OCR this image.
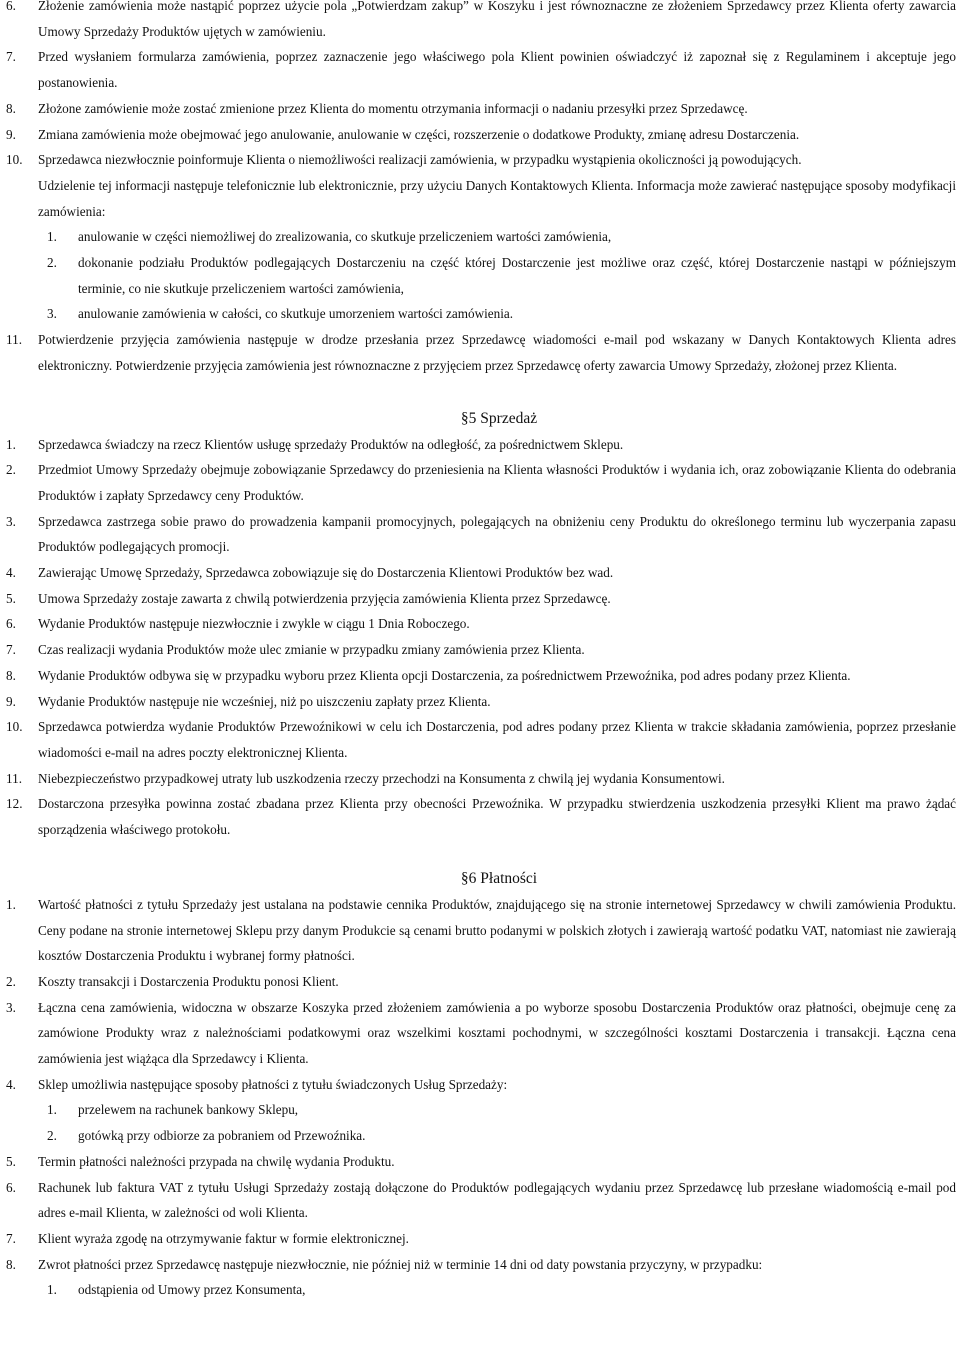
6. Złożenie zamówienia może nastąpić poprzez użycie pola „Potwierdzam zakup” w Koszyku i jest równoznaczne ze złożeniem Sprzedawcy przez Klienta oferty zawarcia Umowy Sprzedaży Produktów ujętych w zamówieniu.
7. Przed wysłaniem formularza zamówienia, poprzez zaznaczenie jego właściwego pola Klient powinien oświadczyć iż zapoznał się z Regulaminem i akceptuje jego postanowienia.
8. Złożone zamówienie może zostać zmienione przez Klienta do momentu otrzymania informacji o nadaniu przesyłki przez Sprzedawcę.
9. Zmiana zamówienia może obejmować jego anulowanie, anulowanie w części, rozszerzenie o dodatkowe Produkty, zmianę adresu Dostarczenia.
10. Sprzedawca niezwłocznie poinformuje Klienta o niemożliwości realizacji zamówienia, w przypadku wystąpienia okoliczności ją powodujących.
Udzielenie tej informacji następuje telefonicznie lub elektronicznie, przy użyciu Danych Kontaktowych Klienta. Informacja może zawierać następujące sposoby modyfikacji zamówienia:
1. anulowanie w części niemożliwej do zrealizowania, co skutkuje przeliczeniem wartości zamówienia,
2. dokonanie podziału Produktów podlegających Dostarczeniu na część której Dostarczenie jest możliwe oraz część, której Dostarczenie nastąpi w późniejszym terminie, co nie skutkuje przeliczeniem wartości zamówienia,
3. anulowanie zamówienia w całości, co skutkuje umorzeniem wartości zamówienia.
11. Potwierdzenie przyjęcia zamówienia następuje w drodze przesłania przez Sprzedawcę wiadomości e-mail pod wskazany w Danych Kontaktowych Klienta adres elektroniczny. Potwierdzenie przyjęcia zamówienia jest równoznaczne z przyjęciem przez Sprzedawcę oferty zawarcia Umowy Sprzedaży, złożonej przez Klienta.
§5 Sprzedaż
1. Sprzedawca świadczy na rzecz Klientów usługę sprzedaży Produktów na odległość, za pośrednictwem Sklepu.
2. Przedmiot Umowy Sprzedaży obejmuje zobowiązanie Sprzedawcy do przeniesienia na Klienta własności Produktów i wydania ich, oraz zobowiązanie Klienta do odebrania Produktów i zapłaty Sprzedawcy ceny Produktów.
3. Sprzedawca zastrzega sobie prawo do prowadzenia kampanii promocyjnych, polegających na obniżeniu ceny Produktu do określonego terminu lub wyczerpania zapasu Produktów podlegających promocji.
4. Zawierając Umowę Sprzedaży, Sprzedawca zobowiązuje się do Dostarczenia Klientowi Produktów bez wad.
5. Umowa Sprzedaży zostaje zawarta z chwilą potwierdzenia przyjęcia zamówienia Klienta przez Sprzedawcę.
6. Wydanie Produktów następuje niezwłocznie i zwykle w ciągu 1 Dnia Roboczego.
7. Czas realizacji wydania Produktów może ulec zmianie w przypadku zmiany zamówienia przez Klienta.
8. Wydanie Produktów odbywa się w przypadku wyboru przez Klienta opcji Dostarczenia, za pośrednictwem Przewoźnika, pod adres podany przez Klienta.
9. Wydanie Produktów następuje nie wcześniej, niż po uiszczeniu zapłaty przez Klienta.
10. Sprzedawca potwierdza wydanie Produktów Przewoźnikowi w celu ich Dostarczenia, pod adres podany przez Klienta w trakcie składania zamówienia, poprzez przesłanie wiadomości e-mail na adres poczty elektronicznej Klienta.
11. Niebezpieczeństwo przypadkowej utraty lub uszkodzenia rzeczy przechodzi na Konsumenta z chwilą jej wydania Konsumentowi.
12. Dostarczona przesyłka powinna zostać zbadana przez Klienta przy obecności Przewoźnika. W przypadku stwierdzenia uszkodzenia przesyłki Klient ma prawo żądać sporządzenia właściwego protokołu.
§6 Płatności
1. Wartość płatności z tytułu Sprzedaży jest ustalana na podstawie cennika Produktów, znajdującego się na stronie internetowej Sprzedawcy w chwili zamówienia Produktu. Ceny podane na stronie internetowej Sklepu przy danym Produkcie są cenami brutto podanymi w polskich złotych i zawierają wartość podatku VAT, natomiast nie zawierają kosztów Dostarczenia Produktu i wybranej formy płatności.
2. Koszty transakcji i Dostarczenia Produktu ponosi Klient.
3. Łączna cena zamówienia, widoczna w obszarze Koszyka przed złożeniem zamówienia a po wyborze sposobu Dostarczenia Produktów oraz płatności, obejmuje cenę za zamówione Produkty wraz z należnościami podatkowymi oraz wszelkimi kosztami pochodnymi, w szczególności kosztami Dostarczenia i transakcji. Łączna cena zamówienia jest wiążąca dla Sprzedawcy i Klienta.
4. Sklep umożliwia następujące sposoby płatności z tytułu świadczonych Usług Sprzedaży:
1. przelewem na rachunek bankowy Sklepu,
2. gotówką przy odbiorze za pobraniem od Przewoźnika.
5. Termin płatności należności przypada na chwilę wydania Produktu.
6. Rachunek lub faktura VAT z tytułu Usługi Sprzedaży zostają dołączone do Produktów podlegających wydaniu przez Sprzedawcę lub przesłane wiadomością e-mail pod adres e-mail Klienta, w zależności od woli Klienta.
7. Klient wyraża zgodę na otrzymywanie faktur w formie elektronicznej.
8. Zwrot płatności przez Sprzedawcę następuje niezwłocznie, nie później niż w terminie 14 dni od daty powstania przyczyny, w przypadku:
1. odstąpienia od Umowy przez Konsumenta,
